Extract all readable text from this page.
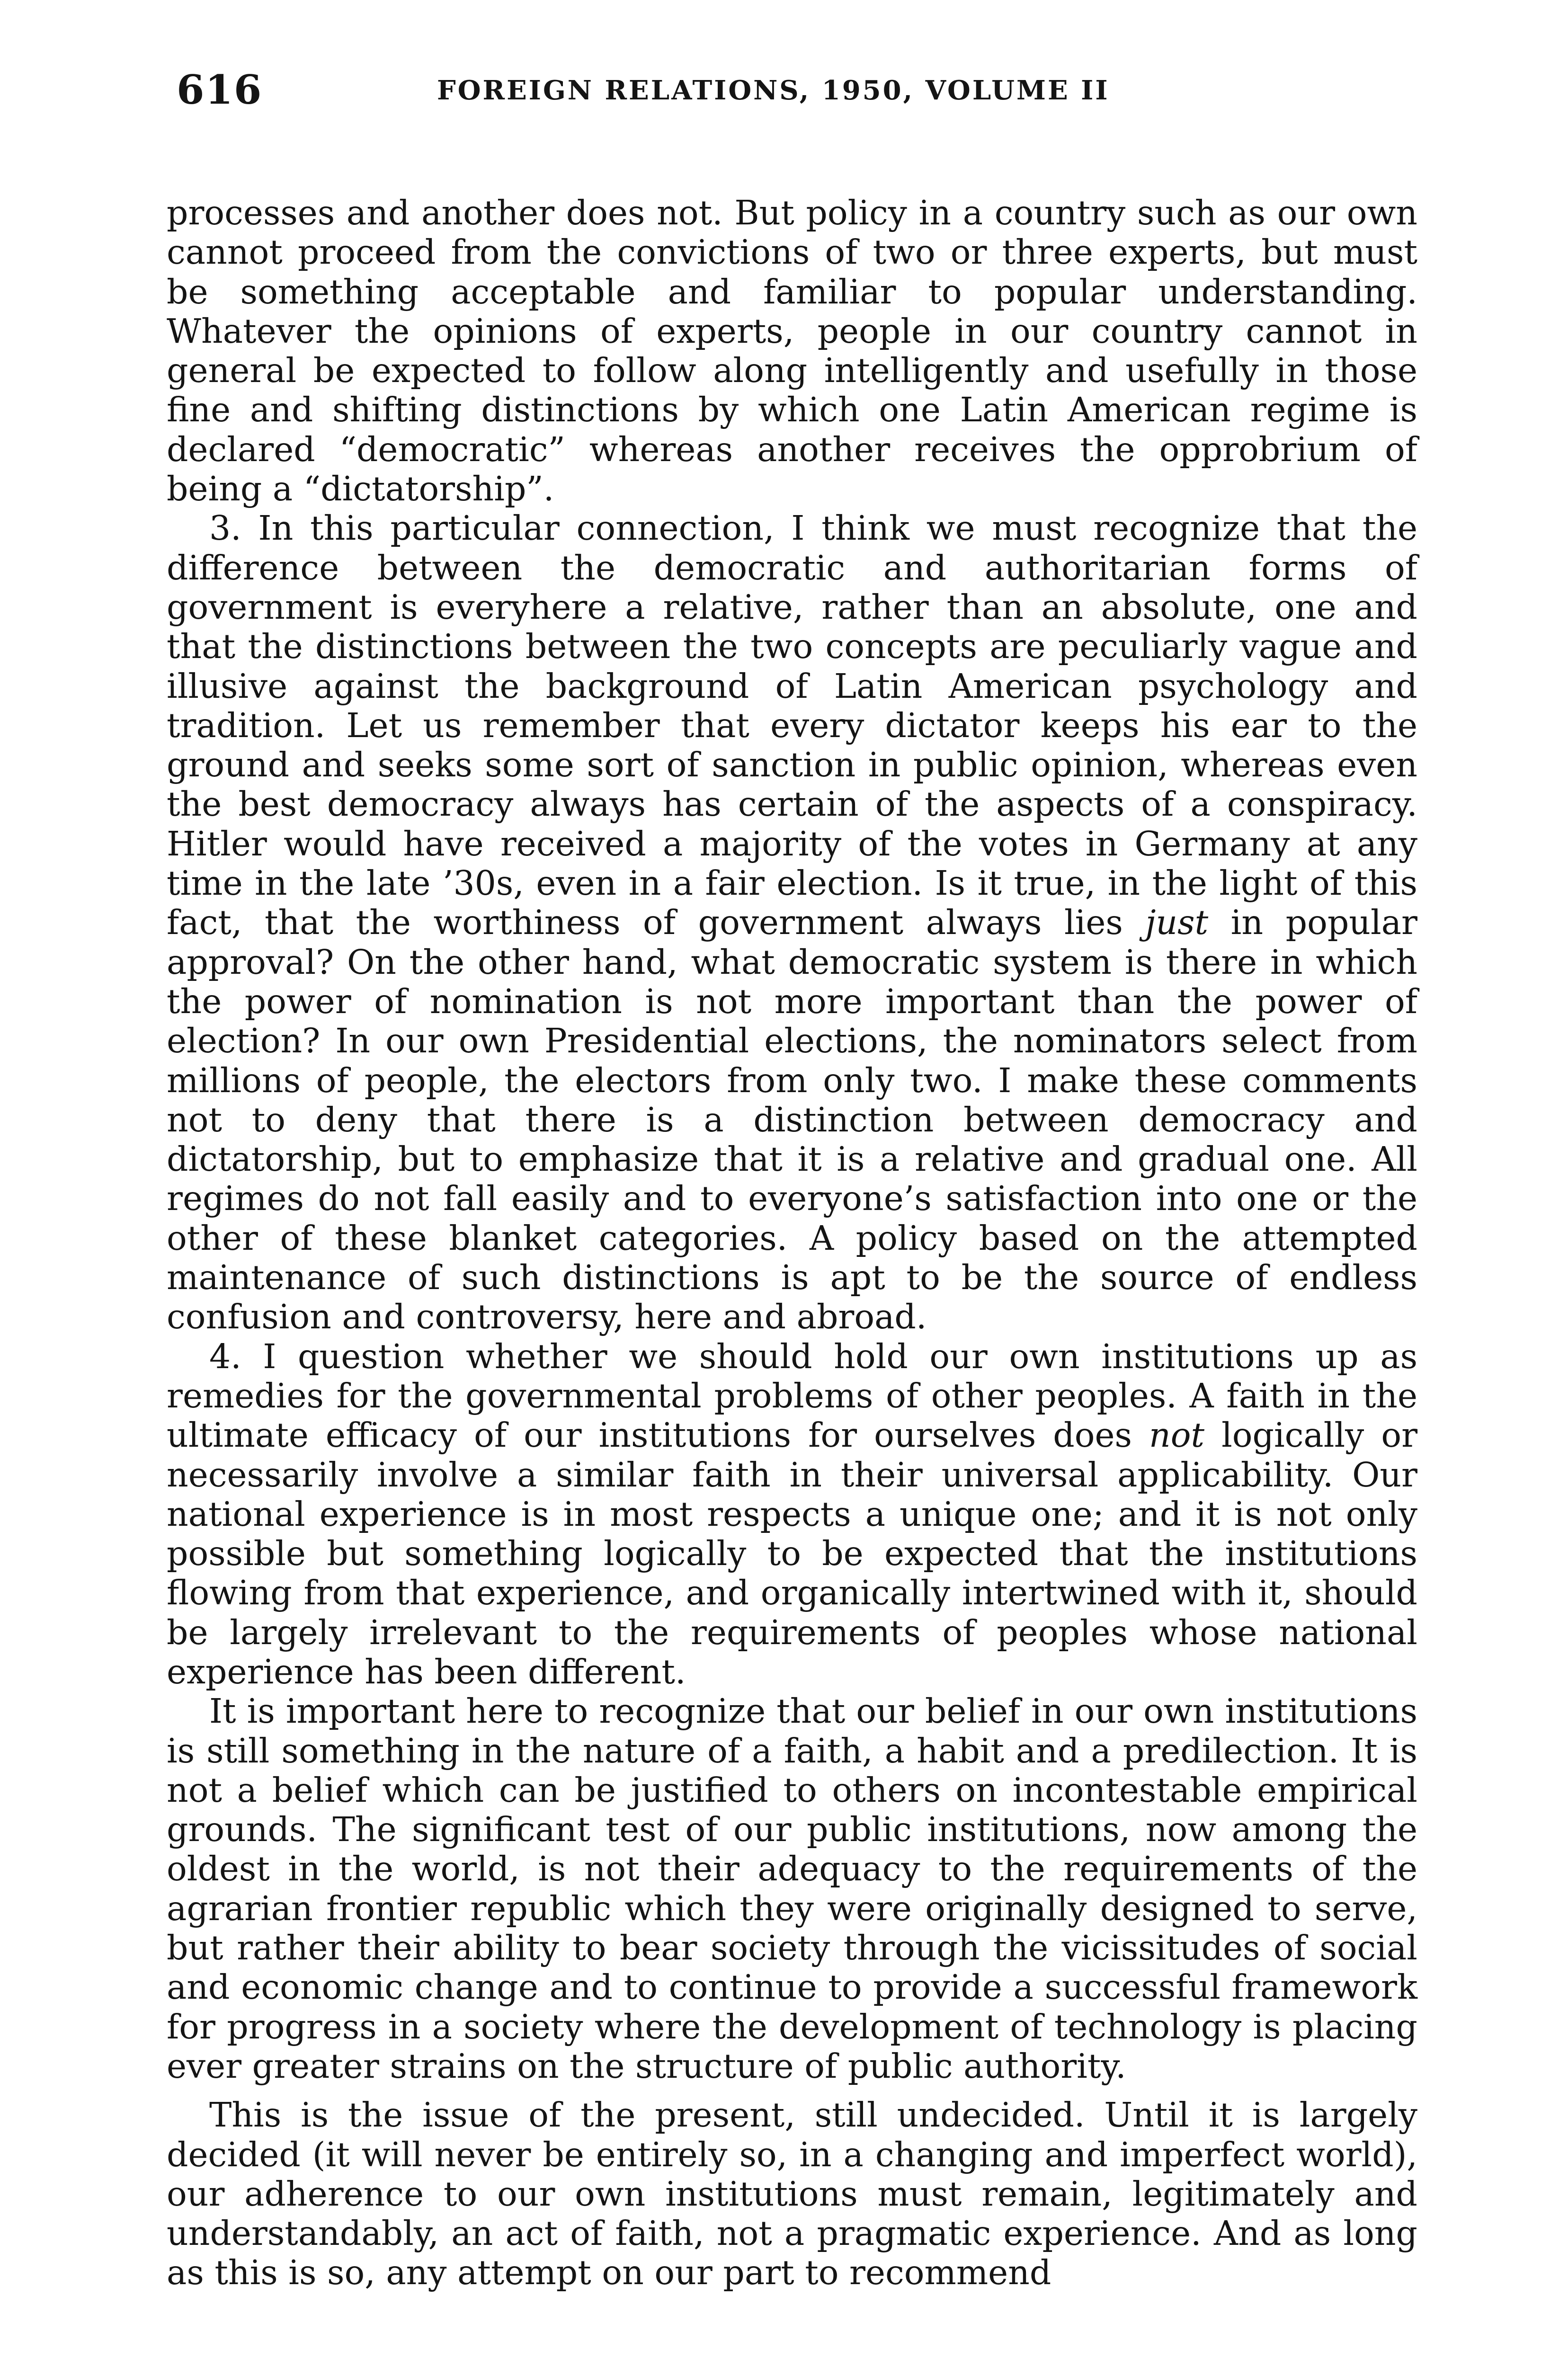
616	FOREIGN RELATIONS, 1950, VOLUME II

processes and another does not. But policy in a country such as our own cannot proceed from the convictions of two or three experts, but must be something acceptable and familiar to popular understanding. Whatever the opinions of experts, people in our country cannot in general be expected to follow along intelligently and usefully in those fine and shifting distinctions by which one Latin American regime is declared “democratic” whereas another receives the opprobrium of being a “dictatorship”.

3. In this particular connection, I think we must recognize that the difference between the democratic and authoritarian forms of government is everyhere a relative, rather than an absolute, one and that the distinctions between the two concepts are peculiarly vague and illusive against the background of Latin American psychology and tradition. Let us remember that every dictator keeps his ear to the ground and seeks some sort of sanction in public opinion, whereas even the best democracy always has certain of the aspects of a conspiracy. Hitler would have received a majority of the votes in Germany at any time in the late ’30s, even in a fair election. Is it true, in the light of this fact, that the worthiness of government always lies just in popular approval? On the other hand, what democratic system is there in which the power of nomination is not more important than the power of election? In our own Presidential elections, the nominators select from millions of people, the electors from only two. I make these comments not to deny that there is a distinction between democracy and dictatorship, but to emphasize that it is a relative and gradual one. All regimes do not fall easily and to everyone’s satisfaction into one or the other of these blanket categories. A policy based on the attempted maintenance of such distinctions is apt to be the source of endless confusion and controversy, here and abroad.

4. I question whether we should hold our own institutions up as remedies for the governmental problems of other peoples. A faith in the ultimate efficacy of our institutions for ourselves does not logically or necessarily involve a similar faith in their universal applicability. Our national experience is in most respects a unique one; and it is not only possible but something logically to be expected that the institutions flowing from that experience, and organically intertwined with it, should be largely irrelevant to the requirements of peoples whose national experience has been different.

It is important here to recognize that our belief in our own institutions is still something in the nature of a faith, a habit and a predilection. It is not a belief which can be justified to others on incontestable empirical grounds. The significant test of our public institutions, now among the oldest in the world, is not their adequacy to the requirements of the agrarian frontier republic which they were originally designed to serve, but rather their ability to bear society through the vicissitudes of social and economic change and to continue to provide a successful framework for progress in a society where the development of technology is placing ever greater strains on the structure of public authority.

This is the issue of the present, still undecided. Until it is largely decided (it will never be entirely so, in a changing and imperfect world), our adherence to our own institutions must remain, legitimately and understandably, an act of faith, not a pragmatic experience. And as long as this is so, any attempt on our part to recommend
